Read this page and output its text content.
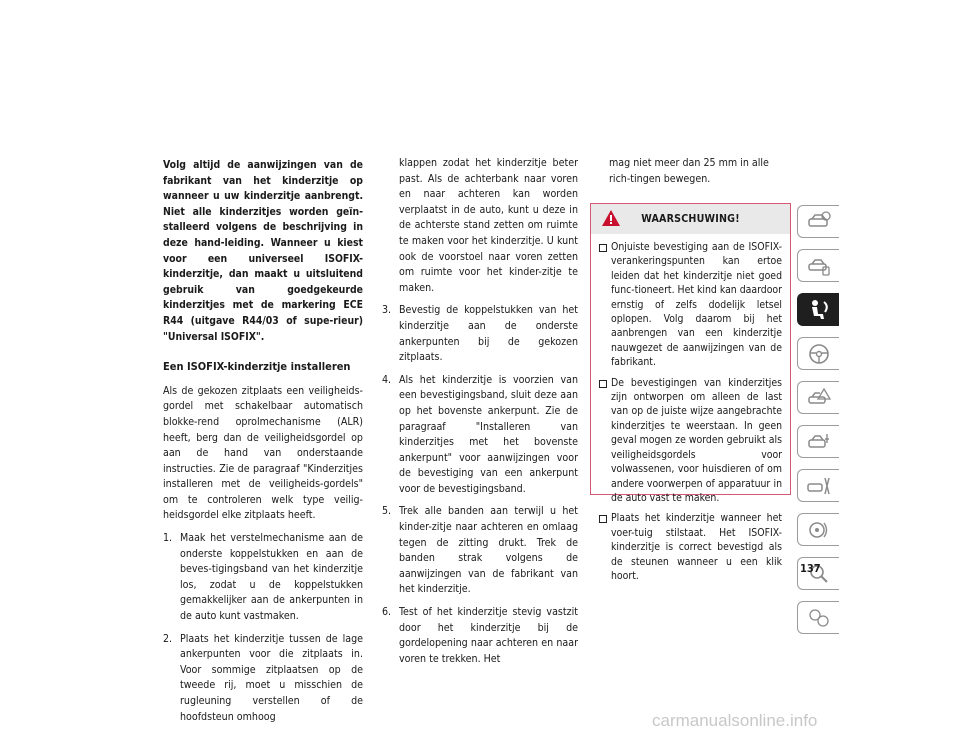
Volg altijd de aanwijzingen van de fabrikant van het kinderzitje op wanneer u uw kinderzitje aanbrengt. Niet alle kinderzitjes worden geïn-stalleerd volgens de beschrijving in deze hand-leiding. Wanneer u kiest voor een universeel ISOFIX-kinderzitje, dan maakt u uitsluitend gebruik van goedgekeurde kinderzitjes met de markering ECE R44 (uitgave R44/03 of supe-rieur) "Universal ISOFIX".

Een ISOFIX-kinderzitje installeren

Als de gekozen zitplaats een veiligheids-gordel met schakelbaar automatisch blokke-rend oprolmechanisme (ALR) heeft, berg dan de veiligheidsgordel op aan de hand van onderstaande instructies. Zie de paragraaf "Kinderzitjes installeren met de veiligheids-gordels" om te controleren welk type veilig-heidsgordel elke zitplaats heeft.

1. Maak het verstelmechanisme aan de onderste koppelstukken en aan de beves-tigingsband van het kinderzitje los, zodat u de koppelstukken gemakkelijker aan de ankerpunten in de auto kunt vastmaken.
2. Plaats het kinderzitje tussen de lage ankerpunten voor die zitplaats in. Voor sommige zitplaatsen op de tweede rij, moet u misschien de rugleuning verstellen of de hoofdsteun omhoog

klappen zodat het kinderzitje beter past. Als de achterbank naar voren en naar achteren kan worden verplaatst in de auto, kunt u deze in de achterste stand zetten om ruimte te maken voor het kinderzitje. U kunt ook de voorstoel naar voren zetten om ruimte voor het kinder-zitje te maken.

3. Bevestig de koppelstukken van het kinderzitje aan de onderste ankerpunten bij de gekozen zitplaats.
4. Als het kinderzitje is voorzien van een bevestigingsband, sluit deze aan op het bovenste ankerpunt. Zie de paragraaf "Installeren van kinderzitjes met het bovenste ankerpunt" voor aanwijzingen voor de bevestiging van een ankerpunt voor de bevestigingsband.
5. Trek alle banden aan terwijl u het kinder-zitje naar achteren en omlaag tegen de zitting drukt. Trek de banden strak volgens de aanwijzingen van de fabrikant van het kinderzitje.
6. Test of het kinderzitje stevig vastzit door het kinderzitje bij de gordelopening naar achteren en naar voren te trekken. Het

mag niet meer dan 25 mm in alle rich-tingen bewegen.

WAARSCHUWING!
Onjuiste bevestiging aan de ISOFIX-verankeringspunten kan ertoe leiden dat het kinderzitje niet goed func-tioneert. Het kind kan daardoor ernstig of zelfs dodelijk letsel oplopen. Volg daarom bij het aanbrengen van een kinderzitje nauwgezet de aanwijzingen van de fabrikant.
De bevestigingen van kinderzitjes zijn ontworpen om alleen de last van op de juiste wijze aangebrachte kinderzitjes te weerstaan. In geen geval mogen ze worden gebruikt als veiligheidsgordels voor volwassenen, voor huisdieren of om andere voorwerpen of apparatuur in de auto vast te maken.
Plaats het kinderzitje wanneer het voer-tuig stilstaat. Het ISOFIX-kinderzitje is correct bevestigd als de steunen wanneer u een klik hoort.
137
carmanualsonline.info
